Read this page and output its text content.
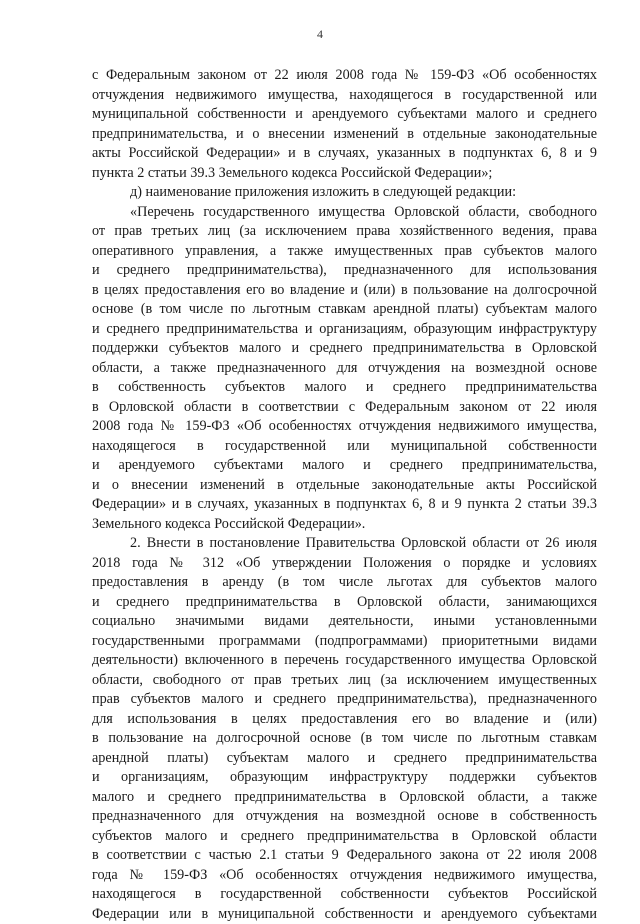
4
с Федеральным законом от 22 июля 2008 года № 159-ФЗ «Об особенностях
отчуждения недвижимого имущества, находящегося в государственной или
муниципальной собственности и арендуемого субъектами малого и среднего
предпринимательства, и о внесении изменений в отдельные законодательные
акты Российской Федерации» и в случаях, указанных в подпунктах 6, 8 и 9
пункта 2 статьи 39.3 Земельного кодекса Российской Федерации»;
д) наименование приложения изложить в следующей редакции:
«Перечень государственного имущества Орловской области, свободного
от прав третьих лиц (за исключением права хозяйственного ведения, права
оперативного управления, а также имущественных прав субъектов малого
и среднего предпринимательства), предназначенного для использования
в целях предоставления его во владение и (или) в пользование на долгосрочной
основе (в том числе по льготным ставкам арендной платы) субъектам малого
и среднего предпринимательства и организациям, образующим инфраструктуру
поддержки субъектов малого и среднего предпринимательства в Орловской
области, а также предназначенного для отчуждения на возмездной основе
в собственность субъектов малого и среднего предпринимательства
в Орловской области в соответствии с Федеральным законом от 22 июля
2008 года № 159-ФЗ «Об особенностях отчуждения недвижимого имущества,
находящегося в государственной или муниципальной собственности
и арендуемого субъектами малого и среднего предпринимательства,
и о внесении изменений в отдельные законодательные акты Российской
Федерации» и в случаях, указанных в подпунктах 6, 8 и 9 пункта 2 статьи 39.3
Земельного кодекса Российской Федерации».
2. Внести в постановление Правительства Орловской области от 26 июля
2018 года № 312 «Об утверждении Положения о порядке и условиях
предоставления в аренду (в том числе льготах для субъектов малого
и среднего предпринимательства в Орловской области, занимающихся
социально значимыми видами деятельности, иными установленными
государственными программами (подпрограммами) приоритетными видами
деятельности) включенного в перечень государственного имущества Орловской
области, свободного от прав третьих лиц (за исключением имущественных
прав субъектов малого и среднего предпринимательства), предназначенного
для использования в целях предоставления его во владение и (или)
в пользование на долгосрочной основе (в том числе по льготным ставкам
арендной платы) субъектам малого и среднего предпринимательства
и организациям, образующим инфраструктуру поддержки субъектов
малого и среднего предпринимательства в Орловской области, а также
предназначенного для отчуждения на возмездной основе в собственность
субъектов малого и среднего предпринимательства в Орловской области
в соответствии с частью 2.1 статьи 9 Федерального закона от 22 июля 2008
года № 159-ФЗ «Об особенностях отчуждения недвижимого имущества,
находящегося в государственной собственности субъектов Российской
Федерации или в муниципальной собственности и арендуемого субъектами
